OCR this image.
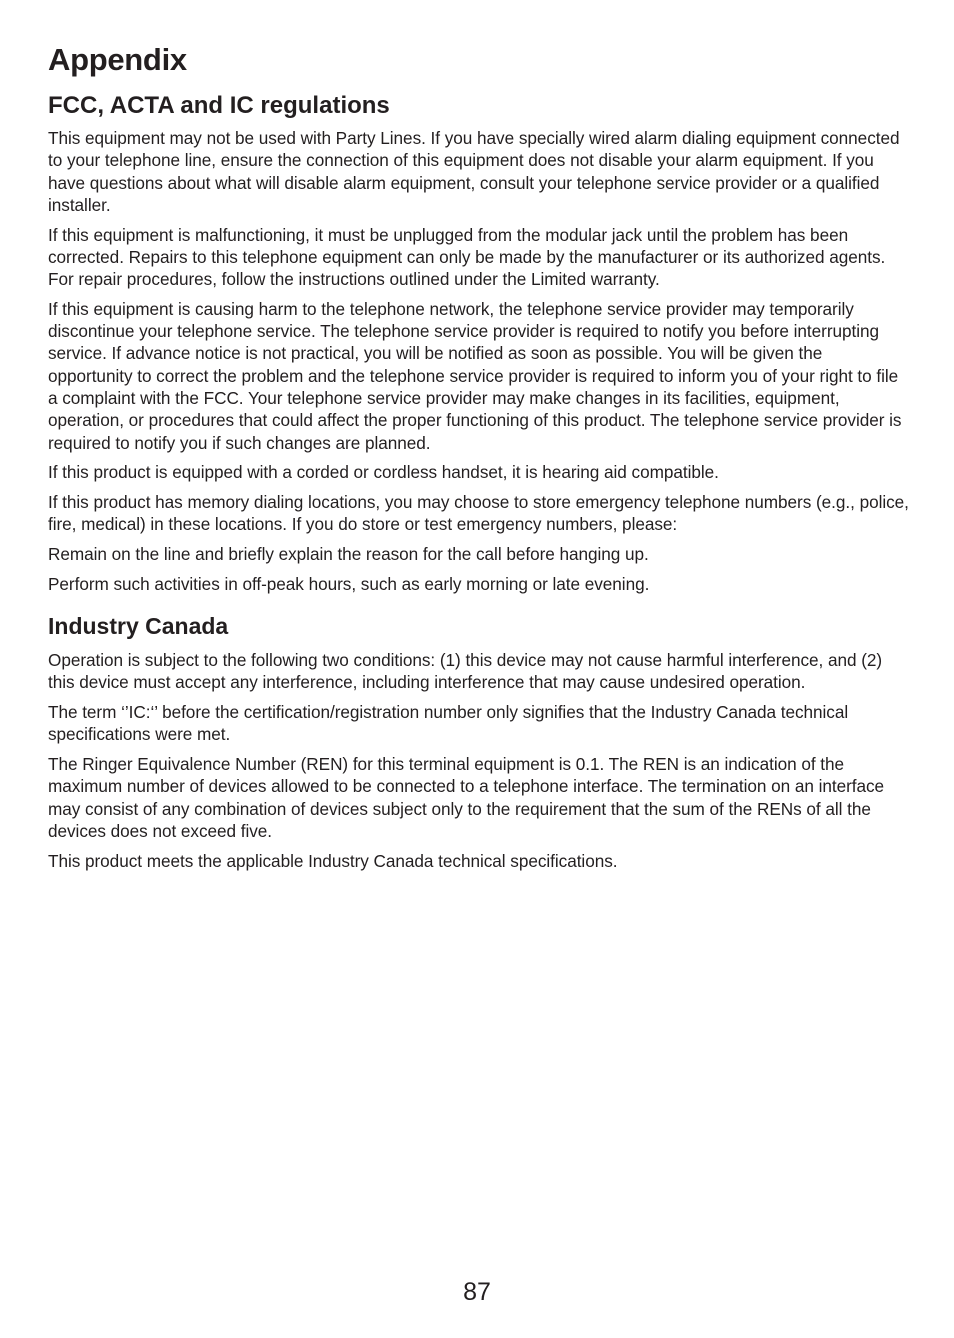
Appendix
FCC, ACTA and IC regulations

This equipment may not be used with Party Lines. If you have specially wired alarm dialing equipment connected to your telephone line, ensure the connection of this equipment does not disable your alarm equipment. If you have questions about what will disable alarm equipment, consult your telephone service provider or a qualified installer.

If this equipment is malfunctioning, it must be unplugged from the modular jack until the problem has been corrected. Repairs to this telephone equipment can only be made by the manufacturer or its authorized agents. For repair procedures, follow the instructions outlined under the Limited warranty.

If this equipment is causing harm to the telephone network, the telephone service provider may temporarily discontinue your telephone service. The telephone service provider is required to notify you before interrupting service. If advance notice is not practical, you will be notified as soon as possible. You will be given the opportunity to correct the problem and the telephone service provider is required to inform you of your right to file a complaint with the FCC. Your telephone service provider may make changes in its facilities, equipment, operation, or procedures that could affect the proper functioning of this product. The telephone service provider is required to notify you if such changes are planned.

If this product is equipped with a corded or cordless handset, it is hearing aid compatible.

If this product has memory dialing locations, you may choose to store emergency telephone numbers (e.g., police, fire, medical) in these locations. If you do store or test emergency numbers, please:

Remain on the line and briefly explain the reason for the call before hanging up.

Perform such activities in off-peak hours, such as early morning or late evening.

Industry Canada

Operation is subject to the following two conditions: (1) this device may not cause harmful interference, and (2) this device must accept any interference, including interference that may cause undesired operation.

The term ‘’IC:‘’ before the certification/registration number only signifies that the Industry Canada technical specifications were met.

The Ringer Equivalence Number (REN) for this terminal equipment is 0.1. The REN is an indication of the maximum number of devices allowed to be connected to a telephone interface. The termination on an interface may consist of any combination of devices subject only to the requirement that the sum of the RENs of all the devices does not exceed five.

This product meets the applicable Industry Canada technical specifications.

87
